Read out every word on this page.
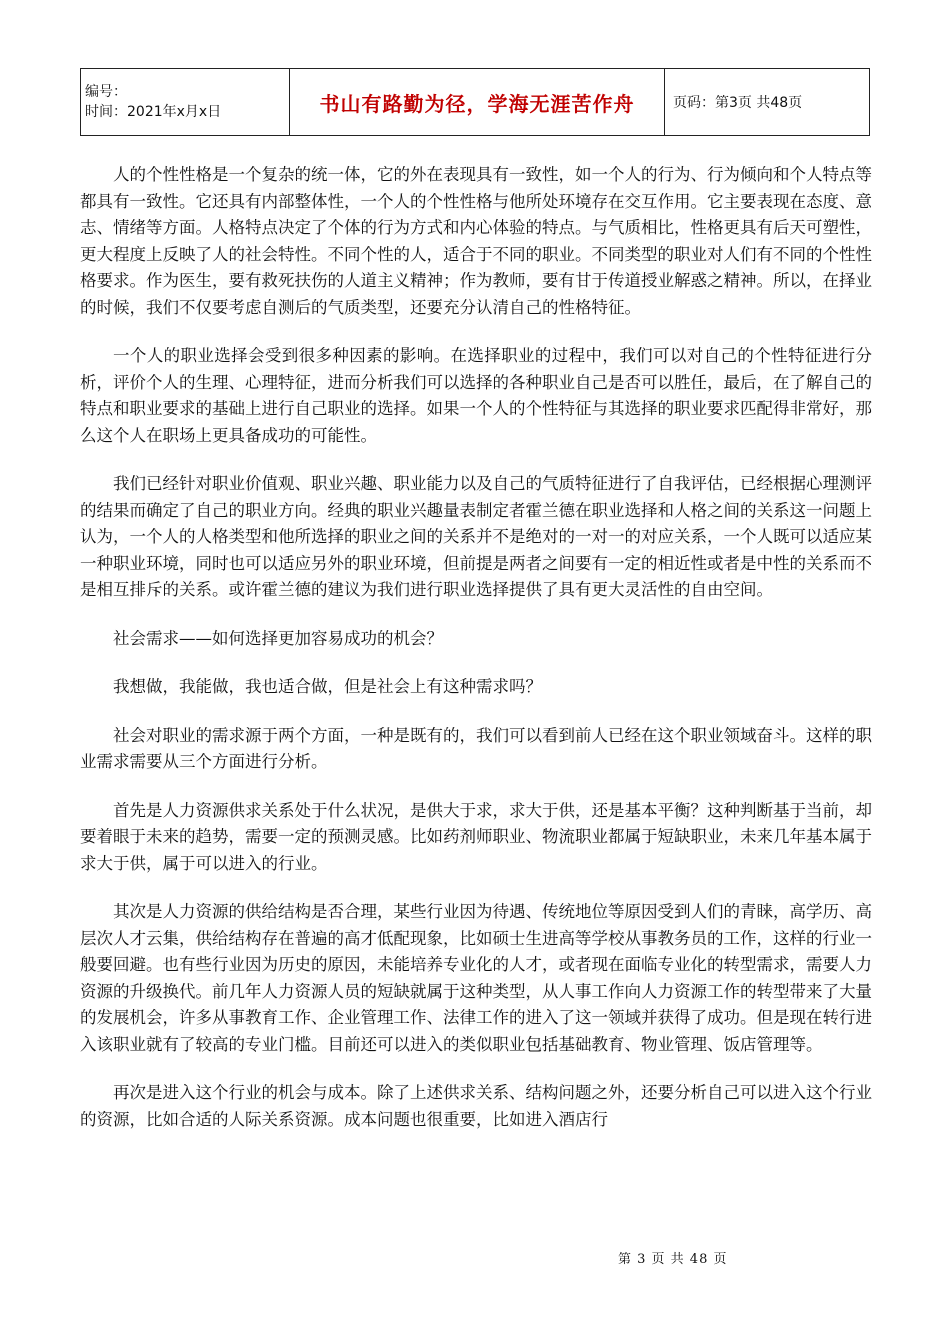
编号：
时间：2021年x月x日	书山有路勤为径，学海无涯苦作舟	页码：第3页 共48页

人的个性性格是一个复杂的统一体，它的外在表现具有一致性，如一个人的行为、行为倾向和个人特点等都具有一致性。它还具有内部整体性，一个人的个性性格与他所处环境存在交互作用。它主要表现在态度、意志、情绪等方面。人格特点决定了个体的行为方式和内心体验的特点。与气质相比，性格更具有后天可塑性，更大程度上反映了人的社会特性。不同个性的人，适合于不同的职业。不同类型的职业对人们有不同的个性性格要求。作为医生，要有救死扶伤的人道主义精神；作为教师，要有甘于传道授业解惑之精神。所以，在择业的时候，我们不仅要考虑自测后的气质类型，还要充分认清自己的性格特征。

一个人的职业选择会受到很多种因素的影响。在选择职业的过程中，我们可以对自己的个性特征进行分析，评价个人的生理、心理特征，进而分析我们可以选择的各种职业自己是否可以胜任，最后，在了解自己的特点和职业要求的基础上进行自己职业的选择。如果一个人的个性特征与其选择的职业要求匹配得非常好，那么这个人在职场上更具备成功的可能性。

我们已经针对职业价值观、职业兴趣、职业能力以及自己的气质特征进行了自我评估，已经根据心理测评的结果而确定了自己的职业方向。经典的职业兴趣量表制定者霍兰德在职业选择和人格之间的关系这一问题上认为，一个人的人格类型和他所选择的职业之间的关系并不是绝对的一对一的对应关系，一个人既可以适应某一种职业环境，同时也可以适应另外的职业环境，但前提是两者之间要有一定的相近性或者是中性的关系而不是相互排斥的关系。或许霍兰德的建议为我们进行职业选择提供了具有更大灵活性的自由空间。

社会需求——如何选择更加容易成功的机会？

我想做，我能做，我也适合做，但是社会上有这种需求吗？

社会对职业的需求源于两个方面，一种是既有的，我们可以看到前人已经在这个职业领域奋斗。这样的职业需求需要从三个方面进行分析。

首先是人力资源供求关系处于什么状况，是供大于求，求大于供，还是基本平衡？这种判断基于当前，却要着眼于未来的趋势，需要一定的预测灵感。比如药剂师职业、物流职业都属于短缺职业，未来几年基本属于求大于供，属于可以进入的行业。

其次是人力资源的供给结构是否合理，某些行业因为待遇、传统地位等原因受到人们的青睐，高学历、高层次人才云集，供给结构存在普遍的高才低配现象，比如硕士生进高等学校从事教务员的工作，这样的行业一般要回避。也有些行业因为历史的原因，未能培养专业化的人才，或者现在面临专业化的转型需求，需要人力资源的升级换代。前几年人力资源人员的短缺就属于这种类型，从人事工作向人力资源工作的转型带来了大量的发展机会，许多从事教育工作、企业管理工作、法律工作的进入了这一领域并获得了成功。但是现在转行进入该职业就有了较高的专业门槛。目前还可以进入的类似职业包括基础教育、物业管理、饭店管理等。

再次是进入这个行业的机会与成本。除了上述供求关系、结构问题之外，还要分析自己可以进入这个行业的资源，比如合适的人际关系资源。成本问题也很重要，比如进入酒店行

第 3 页 共 48 页
